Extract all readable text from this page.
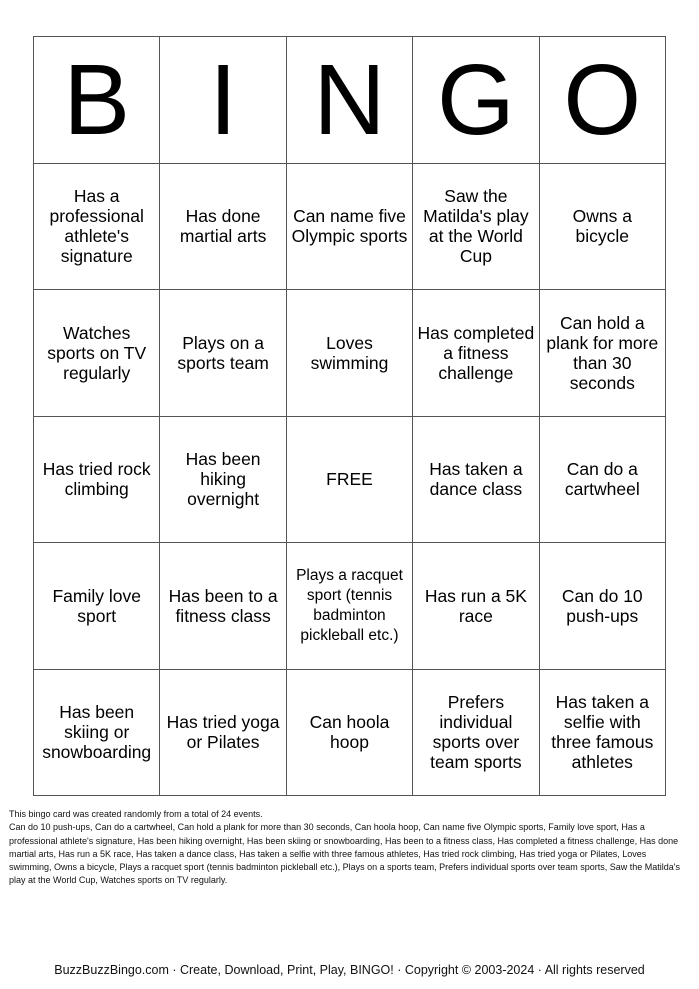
B I N G O
Has a professional athlete's signature
Has done martial arts
Can name five Olympic sports
Saw the Matilda's play at the World Cup
Owns a bicycle
Watches sports on TV regularly
Plays on a sports team
Loves swimming
Has completed a fitness challenge
Can hold a plank for more than 30 seconds
Has tried rock climbing
Has been hiking overnight
FREE	Has taken a dance class
Can do a cartwheel
Family love sport
Has been to a fitness class
Plays a racquet sport (tennis badminton pickleball etc.)
Has run a 5K race
Can do 10 push-ups
Has been skiing or snowboarding
Has tried yoga or Pilates
Can hoola hoop
Prefers individual sports over team sports
Has taken a selfie with three famous athletes

This bingo card was created randomly from a total of 24 events.

Can do 10 push-ups, Can do a cartwheel, Can hold a plank for more than 30 seconds, Can hoola hoop, Can name five Olympic sports, Family love sport, Has a professional athlete's signature, Has been hiking overnight, Has been skiing or snowboarding, Has been to a fitness class, Has completed a fitness challenge, Has done martial arts, Has run a 5K race, Has taken a dance class, Has taken a selfie with three famous athletes, Has tried rock climbing, Has tried yoga or Pilates, Loves swimming, Owns a bicycle, Plays a racquet sport (tennis badminton pickleball etc.), Plays on a sports team, Prefers individual sports over team sports, Saw the Matilda's play at the World Cup, Watches sports on TV regularly.

BuzzBuzzBingo.com · Create, Download, Print, Play, BINGO! · Copyright © 2003-2024 · All rights reserved
